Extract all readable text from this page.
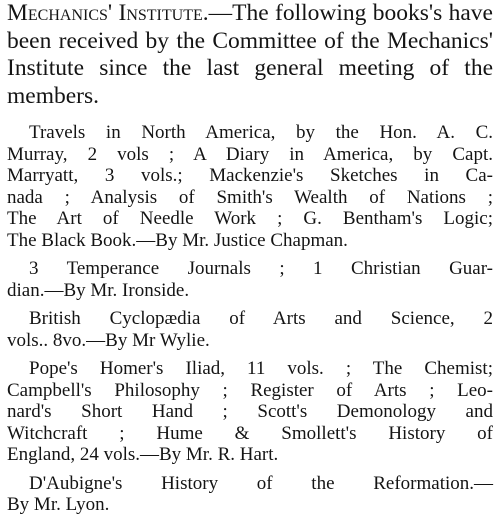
Mechanics' Institute.—The following books's have been received by the Committee of the Mechanics' Institute since the last general meeting of the members.

Travels in North America, by the Hon. A. C.
Murray, 2 vols ; A Diary in America, by Capt.
Marryatt, 3 vols.; Mackenzie's Sketches in Ca-
nada ; Analysis of Smith's Wealth of Nations ;
The Art of Needle Work ; G. Bentham's Logic;
The Black Book.—By Mr. Justice Chapman.

3 Temperance Journals ; 1 Christian Guar-
dian.—By Mr. Ironside.

British Cyclopædia of Arts and Science, 2
vols.. 8vo.—By Mr Wylie.

Pope's Homer's Iliad, 11 vols. ; The Chemist;
Campbell's Philosophy ; Register of Arts ; Leo-
nard's Short Hand ; Scott's Demonology and
Witchcraft ; Hume & Smollett's History of
England, 24 vols.—By Mr. R. Hart.

D'Aubigne's History of the Reformation.—
By Mr. Lyon.
